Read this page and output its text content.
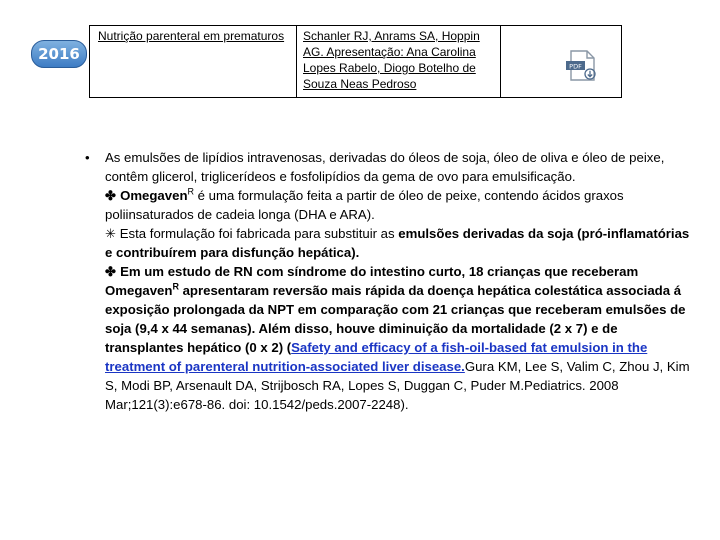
2016
Nutrição parenteral em prematuros	Schanler RJ, Anrams SA, Hoppin AG. Apresentação: Ana Carolina Lopes Rabelo, Diogo Botelho de Souza Neas Pedroso

PDF

• As emulsões de lipídios intravenosas, derivadas do óleos de soja, óleo de oliva e óleo de peixe, contêm glicerol, triglicerídeos e fosfolipídios da gema de ovo para emulsificação.

✤ Omegaven$^R$ é uma formulação feita a partir de óleo de peixe, contendo ácidos graxos poliinsaturados de cadeia longa (DHA e ARA).

✳ Esta formulação foi fabricada para substituir as emulsões derivadas da soja (pró-inflamatórias e contribuírem para disfunção hepática).

✤ Em um estudo de RN com síndrome do intestino curto, 18 crianças que receberam Omegaven$^R$ apresentaram reversão mais rápida da doença hepática colestática associada á exposição prolongada da NPT em comparação com 21 crianças que receberam emulsões de soja (9,4 x 44 semanas). Além disso, houve diminuição da mortalidade (2 x 7) e de transplantes hepático (0 x 2) (Safety and efficacy of a fish-oil-based fat emulsion in the treatment of parenteral nutrition-associated liver disease.Gura KM, Lee S, Valim C, Zhou J, Kim S, Modi BP, Arsenault DA, Strijbosch RA, Lopes S, Duggan C, Puder M.Pediatrics. 2008 Mar;121(3):e678-86. doi: 10.1542/peds.2007-2248).
